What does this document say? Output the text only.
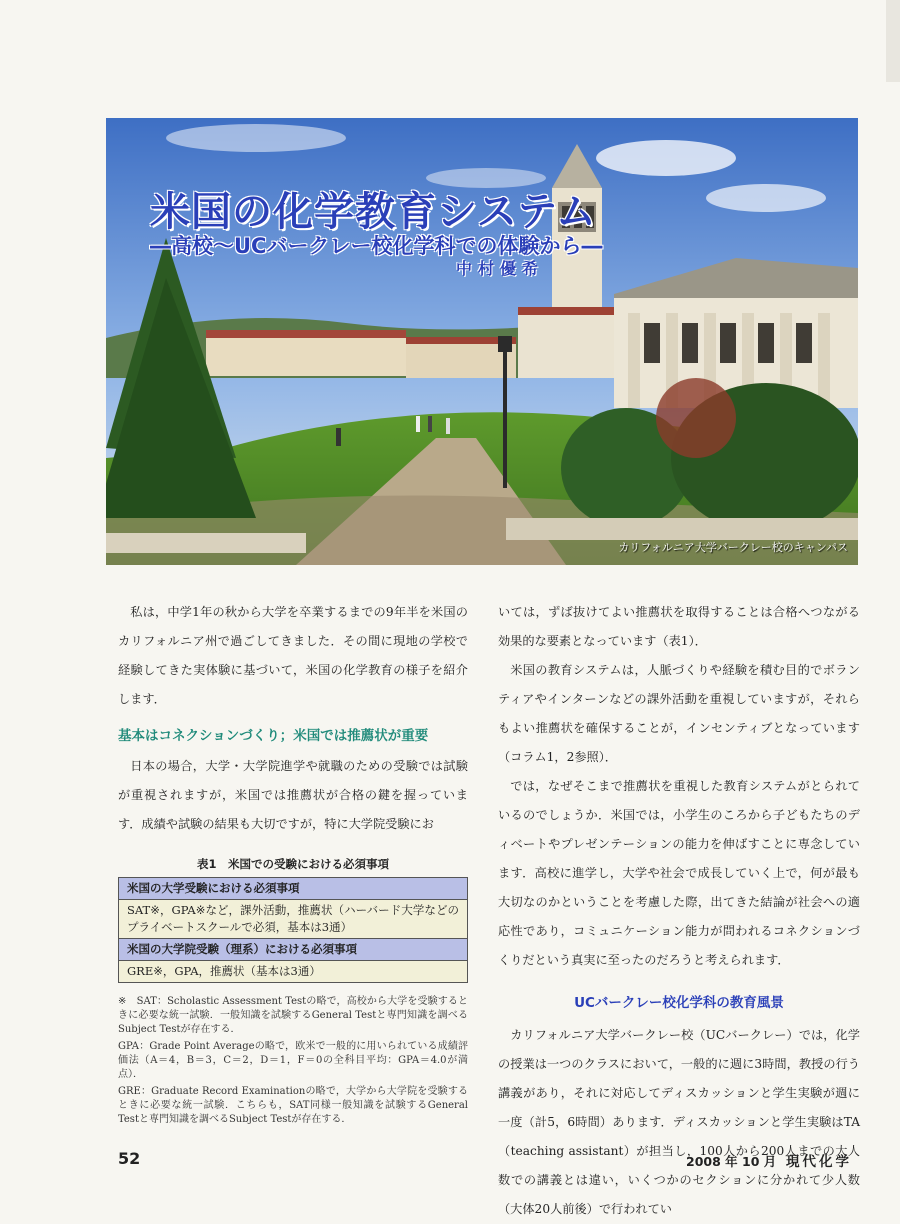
米国の化学教育システム
―高校～UCバークレー校化学科での体験から―
中村優希
カリフォルニア大学バークレー校のキャンパス

私は，中学1年の秋から大学を卒業するまでの9年半を米国のカリフォルニア州で過ごしてきました．その間に現地の学校で経験してきた実体験に基づいて，米国の化学教育の様子を紹介します．

基本はコネクションづくり；米国では推薦状が重要

日本の場合，大学・大学院進学や就職のための受験では試験が重視されますが，米国では推薦状が合格の鍵を握っています．成績や試験の結果も大切ですが，特に大学院受験にお

表1　米国での受験における必須事項
米国の大学受験における必須事項
SAT※，GPA※など，課外活動，推薦状（ハーバード大学などのプライベートスクールで必須，基本は3通）
米国の大学院受験（理系）における必須事項
GRE※，GPA，推薦状（基本は3通）

※　SAT：Scholastic Assessment Testの略で，高校から大学を受験するときに必要な統一試験．一般知識を試験するGeneral Testと専門知識を調べるSubject Testが存在する．

GPA：Grade Point Averageの略で，欧米で一般的に用いられている成績評価法（A＝4，B＝3，C＝2，D＝1，F＝0の全科目平均：GPA＝4.0が満点）．

GRE：Graduate Record Examinationの略で，大学から大学院を受験するときに必要な統一試験．こちらも，SAT同様一般知識を試験するGeneral Testと専門知識を調べるSubject Testが存在する．

いては，ずば抜けてよい推薦状を取得することは合格へつながる効果的な要素となっています（表1）．

米国の教育システムは，人脈づくりや経験を積む目的でボランティアやインターンなどの課外活動を重視していますが，それらもよい推薦状を確保することが，インセンティブとなっています（コラム1，2参照）．

では，なぜそこまで推薦状を重視した教育システムがとられているのでしょうか．米国では，小学生のころから子どもたちのディベートやプレゼンテーションの能力を伸ばすことに専念しています．高校に進学し，大学や社会で成長していく上で，何が最も大切なのかということを考慮した際，出てきた結論が社会への適応性であり，コミュニケーション能力が問われるコネクションづくりだという真実に至ったのだろうと考えられます．

UCバークレー校化学科の教育風景

カリフォルニア大学バークレー校（UCバークレー）では，化学の授業は一つのクラスにおいて，一般的に週に3時間，教授の行う講義があり，それに対応してディスカッションと学生実験が週に一度（計5，6時間）あります．ディスカッションと学生実験はTA（teaching assistant）が担当し，100人から200人までの大人数での講義とは違い，いくつかのセクションに分かれて少人数（大体20人前後）で行われてい

52	2008 年 10 月 現代化学
